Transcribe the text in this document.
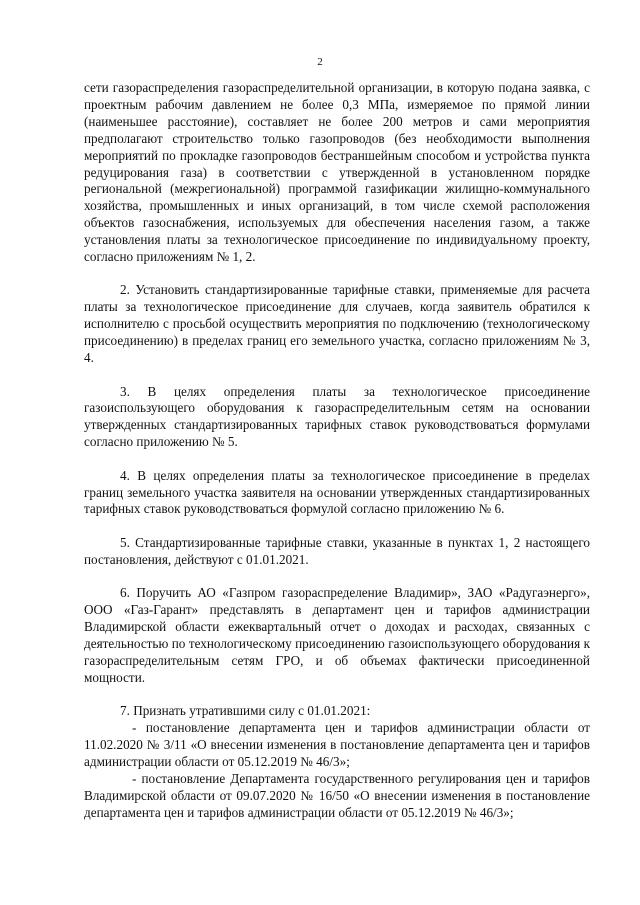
2

сети газораспределения газораспределительной организации, в которую подана заявка, с проектным рабочим давлением не более 0,3 МПа, измеряемое по прямой линии (наименьшее расстояние), составляет не более 200 метров и сами мероприятия предполагают строительство только газопроводов (без необходимости выполнения мероприятий по прокладке газопроводов бестраншейным способом и устройства пункта редуцирования газа) в соответствии с утвержденной в установленном порядке региональной (межрегиональной) программой газификации жилищно-коммунального хозяйства, промышленных и иных организаций, в том числе схемой расположения объектов газоснабжения, используемых для обеспечения населения газом, а также установления платы за технологическое присоединение по индивидуальному проекту, согласно приложениям № 1, 2.

2. Установить стандартизированные тарифные ставки, применяемые для расчета платы за технологическое присоединение для случаев, когда заявитель обратился к исполнителю с просьбой осуществить мероприятия по подключению (технологическому присоединению) в пределах границ его земельного участка, согласно приложениям № 3, 4.

3. В целях определения платы за технологическое присоединение газоиспользующего оборудования к газораспределительным сетям на основании утвержденных стандартизированных тарифных ставок руководствоваться формулами согласно приложению № 5.

4. В целях определения платы за технологическое присоединение в пределах границ земельного участка заявителя на основании утвержденных стандартизированных тарифных ставок руководствоваться формулой согласно приложению № 6.

5. Стандартизированные тарифные ставки, указанные в пунктах 1, 2 настоящего постановления, действуют с 01.01.2021.

6. Поручить АО «Газпром газораспределение Владимир», ЗАО «Радугаэнерго», ООО «Газ-Гарант» представлять в департамент цен и тарифов администрации Владимирской области ежеквартальный отчет о доходах и расходах, связанных с деятельностью по технологическому присоединению газоиспользующего оборудования к газораспределительным сетям ГРО, и об объемах фактически присоединенной мощности.

7. Признать утратившими силу с 01.01.2021:

- постановление департамента цен и тарифов администрации области от 11.02.2020 № 3/11 «О внесении изменения в постановление департамента цен и тарифов администрации области от 05.12.2019 № 46/3»;

- постановление Департамента государственного регулирования цен и тарифов Владимирской области от 09.07.2020 № 16/50 «О внесении изменения в постановление департамента цен и тарифов администрации области от 05.12.2019 № 46/3»;
